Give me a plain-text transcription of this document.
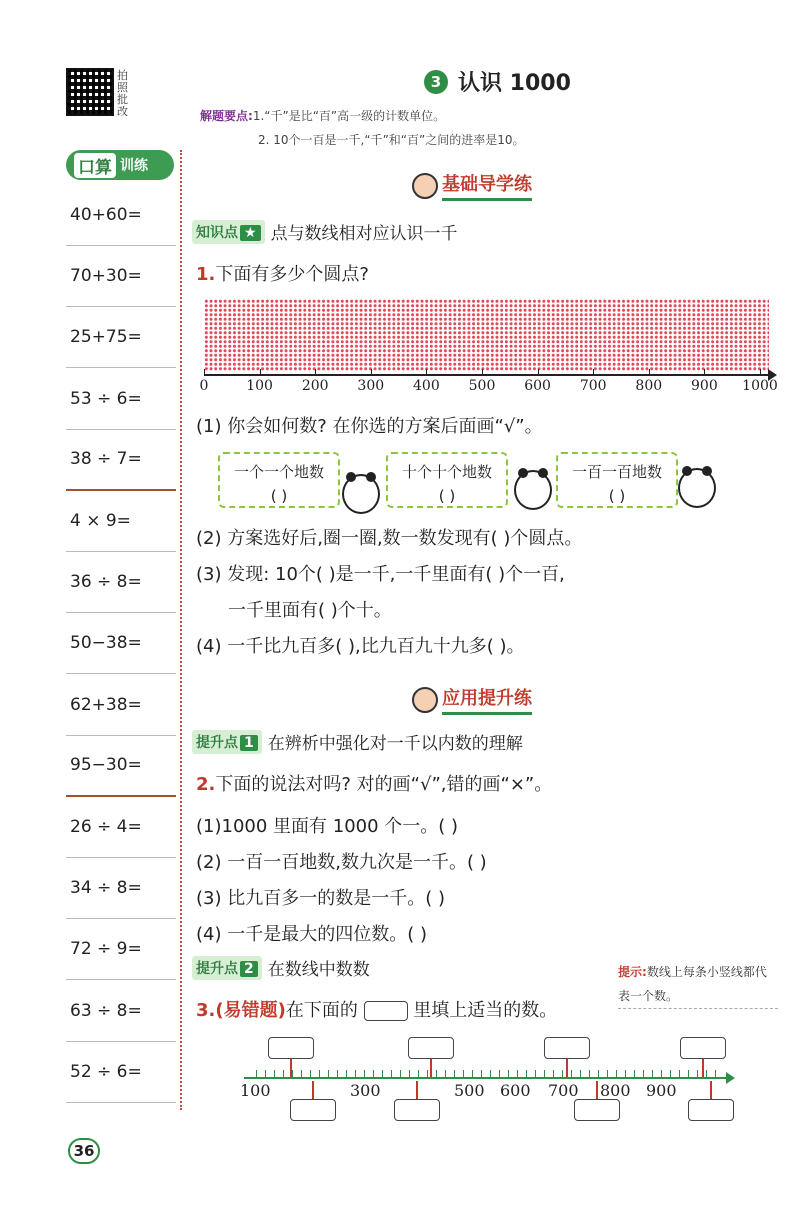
拍照批改
口算 训练
40+60=
70+30=
25+75=
53 ÷ 6=
38 ÷ 7=
4 × 9=
36 ÷ 8=
50−38=
62+38=
95−30=
26 ÷ 4=
34 ÷ 8=
72 ÷ 9=
63 ÷ 8=
52 ÷ 6=
3 认识 1000
解题要点:1.“千”是比“百”高一级的计数单位。
2. 10个一百是一千,“千”和“百”之间的进率是10。
基础导学练
知识点 ★ 点与数线相对应认识一千
1.下面有多少个圆点?
0	100 200 300 400 500 600 700 800 900 1000
(1) 你会如何数? 在你选的方案后面画“√”。
一个一个地数
( )
十个十个地数
( )
一百一百地数
( )
(2) 方案选好后,圈一圈,数一数发现有( )个圆点。
(3) 发现: 10个( )是一千,一千里面有( )个一百,
一千里面有( )个十。
(4) 一千比九百多( ),比九百九十九多( )。
应用提升练
提升点 1 在辨析中强化对一千以内数的理解
2.下面的说法对吗? 对的画“√”,错的画“×”。
(1)1000 里面有 1000 个一。( )
(2) 一百一百地数,数九次是一千。( )
(3) 比九百多一的数是一千。( )
(4) 一千是最大的四位数。( )
提升点 2 在数线中数数	提示:数线上每条小竖线都代表一个数。
3.(易错题)在下面的	里填上适当的数。
100	300	500 600 700 800 900
36
